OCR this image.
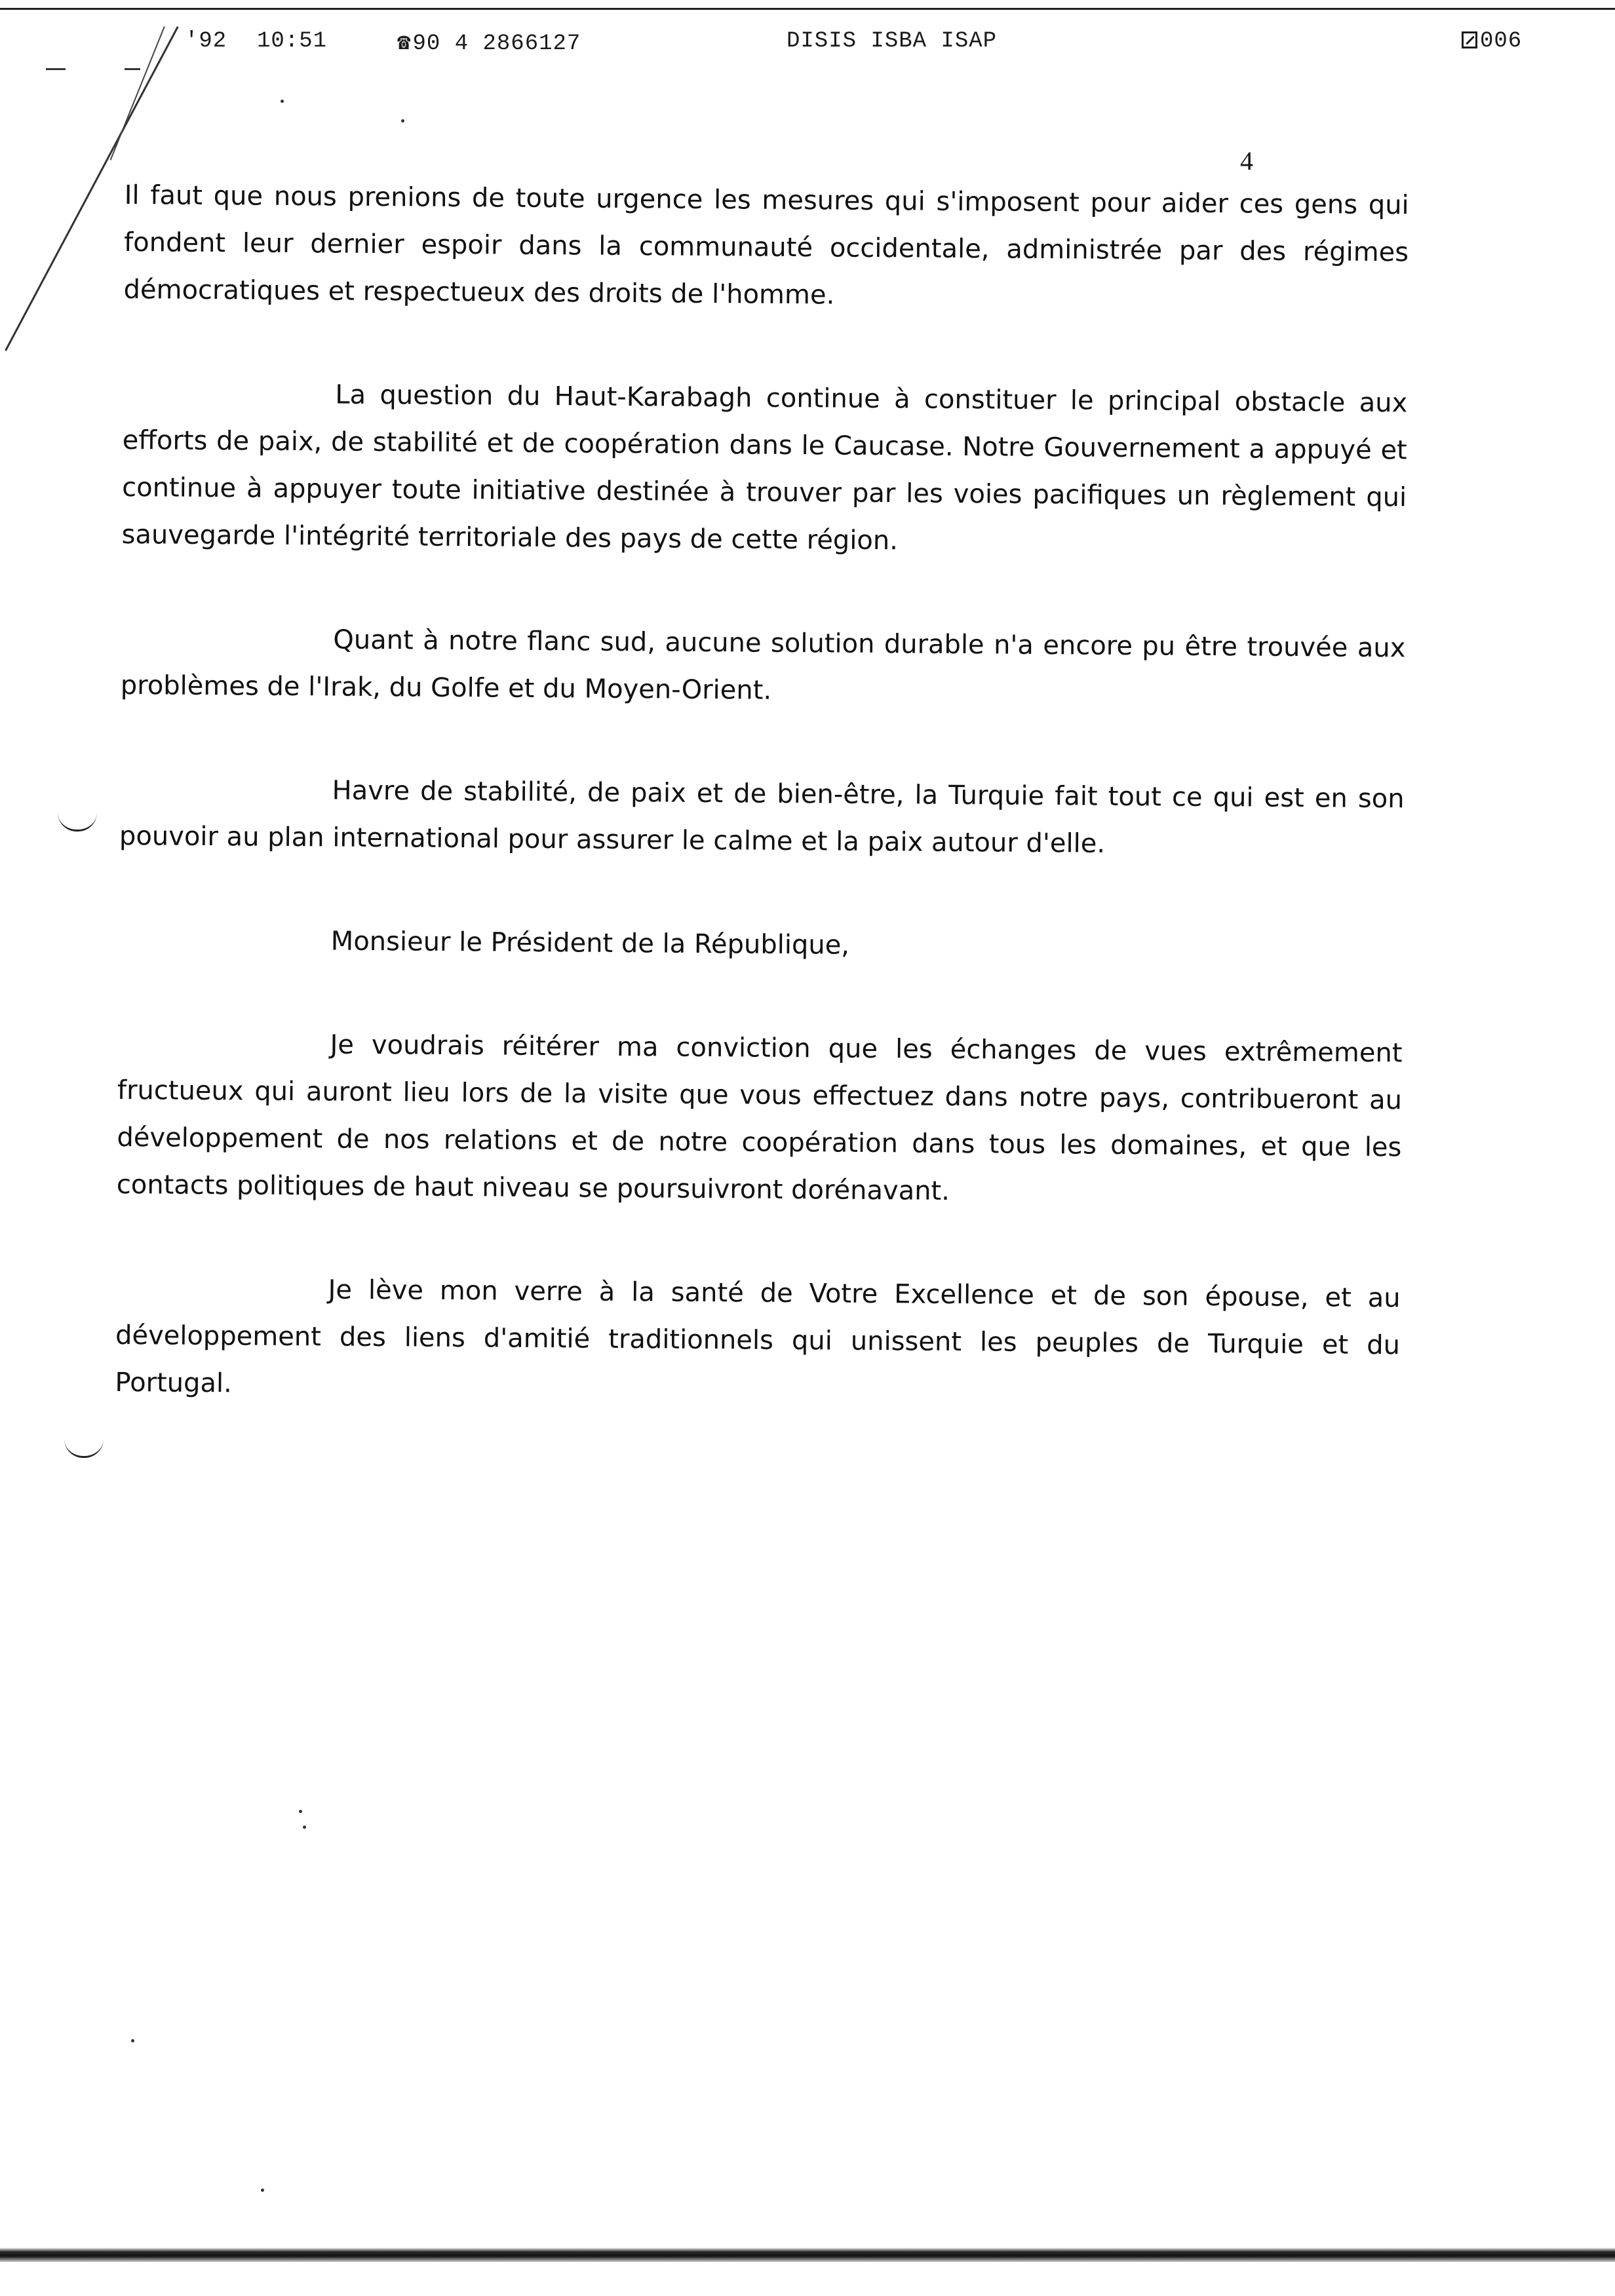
'92 10:51	☎90 4 2866127	DISIS ISBA ISAP	006
4

Il faut que nous prenions de toute urgence les mesures qui s'imposent pour aider ces gens qui fondent leur dernier espoir dans la communauté occidentale, administrée par des régimes démocratiques et respectueux des droits de l'homme.

La question du Haut-Karabagh continue à constituer le principal obstacle aux efforts de paix, de stabilité et de coopération dans le Caucase. Notre Gouvernement a appuyé et continue à appuyer toute initiative destinée à trouver par les voies pacifiques un règlement qui sauvegarde l'intégrité territoriale des pays de cette région.

Quant à notre flanc sud, aucune solution durable n'a encore pu être trouvée aux problèmes de l'Irak, du Golfe et du Moyen-Orient.

Havre de stabilité, de paix et de bien-être, la Turquie fait tout ce qui est en son pouvoir au plan international pour assurer le calme et la paix autour d'elle.

Monsieur le Président de la République,

Je voudrais réitérer ma conviction que les échanges de vues extrêmement fructueux qui auront lieu lors de la visite que vous effectuez dans notre pays, contribueront au développement de nos relations et de notre coopération dans tous les domaines, et que les contacts politiques de haut niveau se poursuivront dorénavant.

Je lève mon verre à la santé de Votre Excellence et de son épouse, et au développement des liens d'amitié traditionnels qui unissent les peuples de Turquie et du Portugal.
